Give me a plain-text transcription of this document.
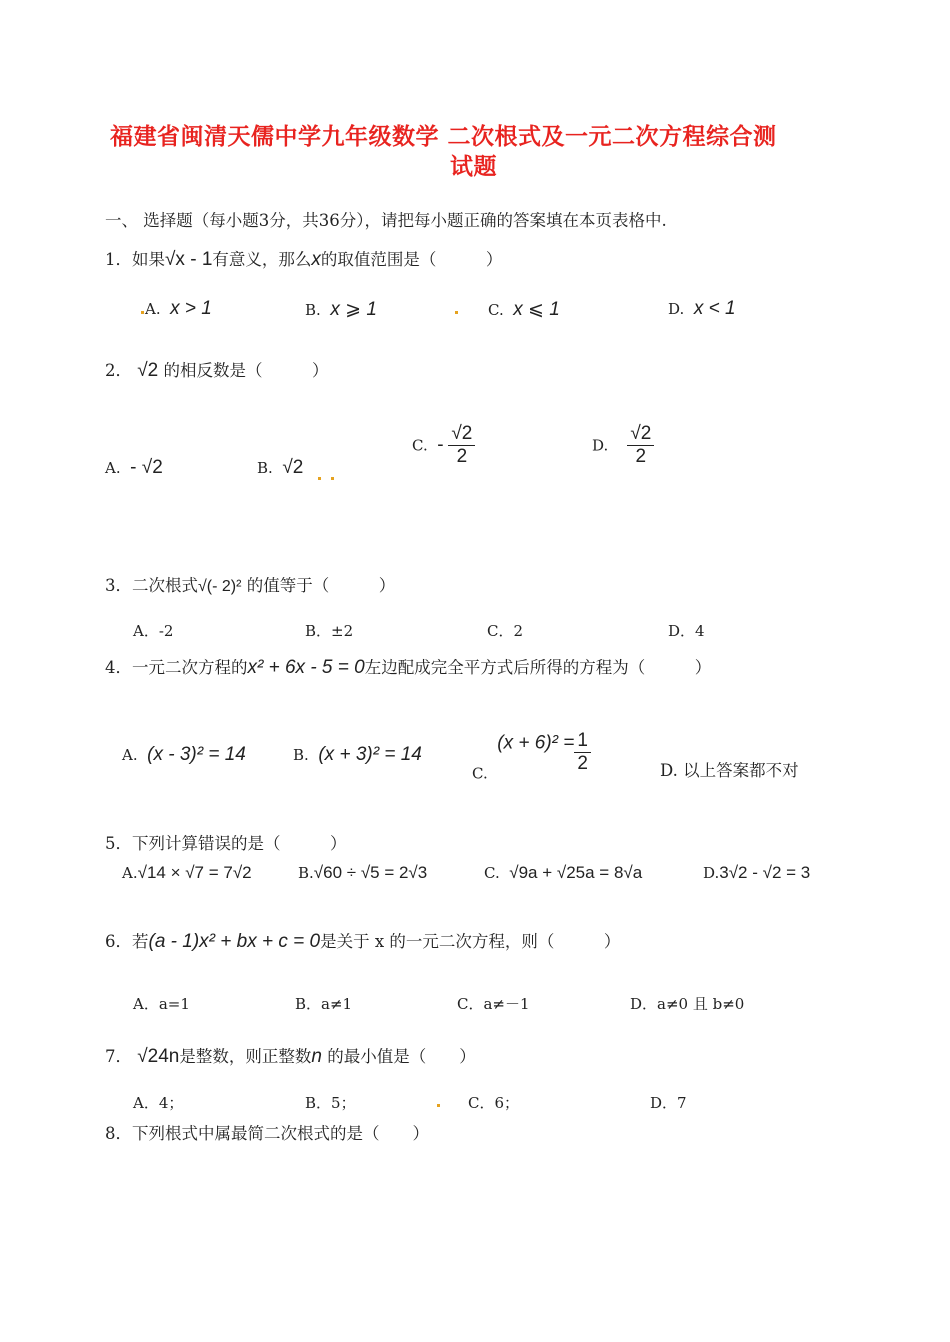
福建省闽清天儒中学九年级数学 二次根式及一元二次方程综合测
试题
一、 选择题（每小题3分，共36分），请把每小题正确的答案填在本页表格中.
1．如果√x - 1有意义，那么x的取值范围是（　　　）
A. x > 1	B. x ⩾ 1	C. x ⩽ 1	D. x < 1
2． √2 的相反数是（　　　）
A. - √2	B. √2
C. - $\frac{√2}{2}$	D. $\frac{√2}{2}$
3．二次根式√(- 2)² 的值等于（　　　）
A．-2	B．±2	C．2	D．4
4．一元二次方程的x² + 6x - 5 = 0左边配成完全平方式后所得的方程为（　　　）
A. (x - 3)² = 14	B. (x + 3)² = 14
C.  $(x + 6)^2 = \frac{1}{2}$	D. 以上答案都不对
5．下列计算错误的是（　　　）
A.√14 × √7 = 7√2	B.√60 ÷ √5 = 2√3	C. √9a + √25a = 8√a	D.3√2 - √2 = 3
6．若(a - 1)x² + bx + c = 0是关于 x 的一元二次方程，则（　　　）
A．a=1	B．a≠1	C．a≠－1	D．a≠0 且 b≠0
7． √24n是整数，则正整数n 的最小值是（　　）
A．4；	B．5；	C．6；	D．7
8．下列根式中属最简二次根式的是（　　）
